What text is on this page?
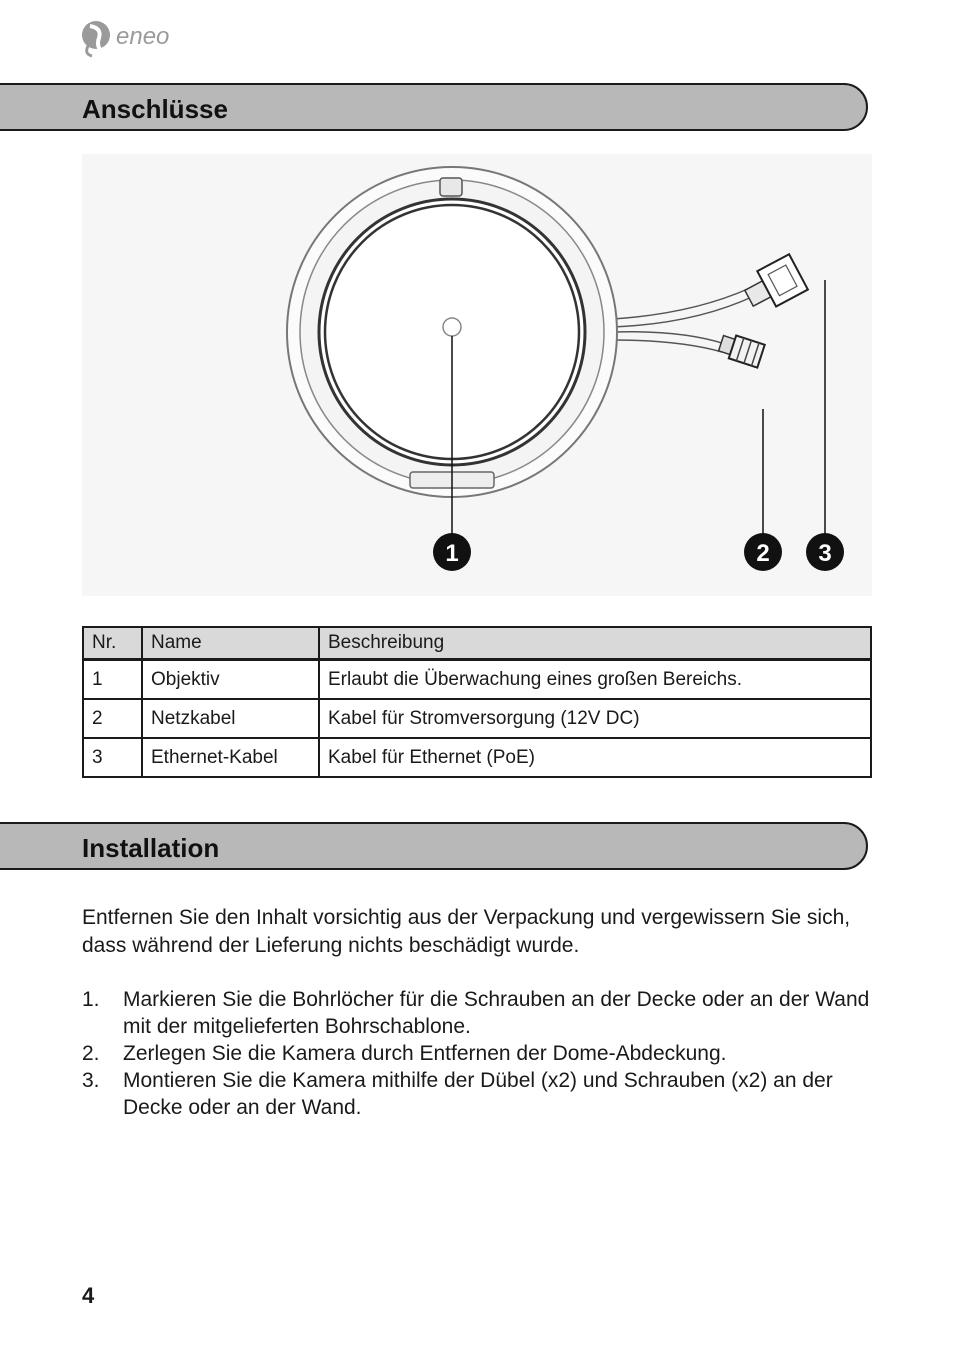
eneo
Anschlüsse
1	2 3
Nr.	Name	Beschreibung
1	Objektiv	Erlaubt die Überwachung eines großen Bereichs.
2	Netzkabel	Kabel für Stromversorgung (12V DC)
3	Ethernet-Kabel	Kabel für Ethernet (PoE)
Installation

Entfernen Sie den Inhalt vorsichtig aus der Verpackung und vergewissern Sie sich, dass während der Lieferung nichts beschädigt wurde.

1. Markieren Sie die Bohrlöcher für die Schrauben an der Decke oder an der Wand mit der mitgelieferten Bohrschablone.
2. Zerlegen Sie die Kamera durch Entfernen der Dome-Abdeckung.
3. Montieren Sie die Kamera mithilfe der Dübel (x2) und Schrauben (x2) an der Decke oder an der Wand.
4
